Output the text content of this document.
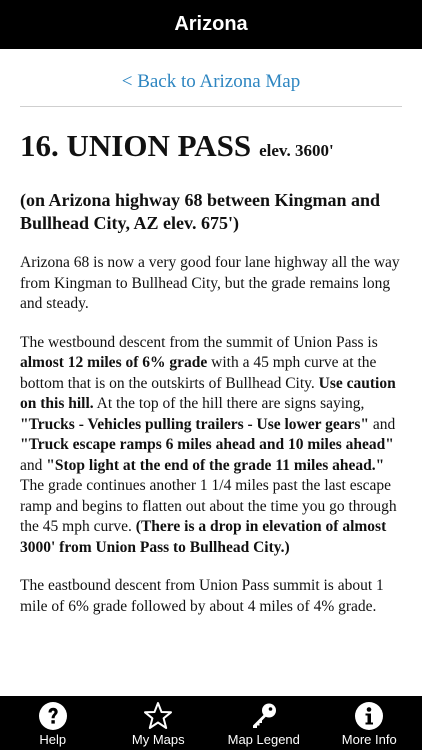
Arizona
< Back to Arizona Map
16. UNION PASS elev. 3600'
(on Arizona highway 68 between Kingman and Bullhead City, AZ elev. 675')

Arizona 68 is now a very good four lane highway all the way from Kingman to Bullhead City, but the grade remains long and steady.

The westbound descent from the summit of Union Pass is almost 12 miles of 6% grade with a 45 mph curve at the bottom that is on the outskirts of Bullhead City. Use caution on this hill. At the top of the hill there are signs saying, "Trucks - Vehicles pulling trailers - Use lower gears" and "Truck escape ramps 6 miles ahead and 10 miles ahead" and "Stop light at the end of the grade 11 miles ahead." The grade continues another 1 1/4 miles past the last escape ramp and begins to flatten out about the time you go through the 45 mph curve. (There is a drop in elevation of almost 3000' from Union Pass to Bullhead City.)

The eastbound descent from Union Pass summit is about 1 mile of 6% grade followed by about 4 miles of 4% grade.

Help	My Maps	Map Legend	More Info
